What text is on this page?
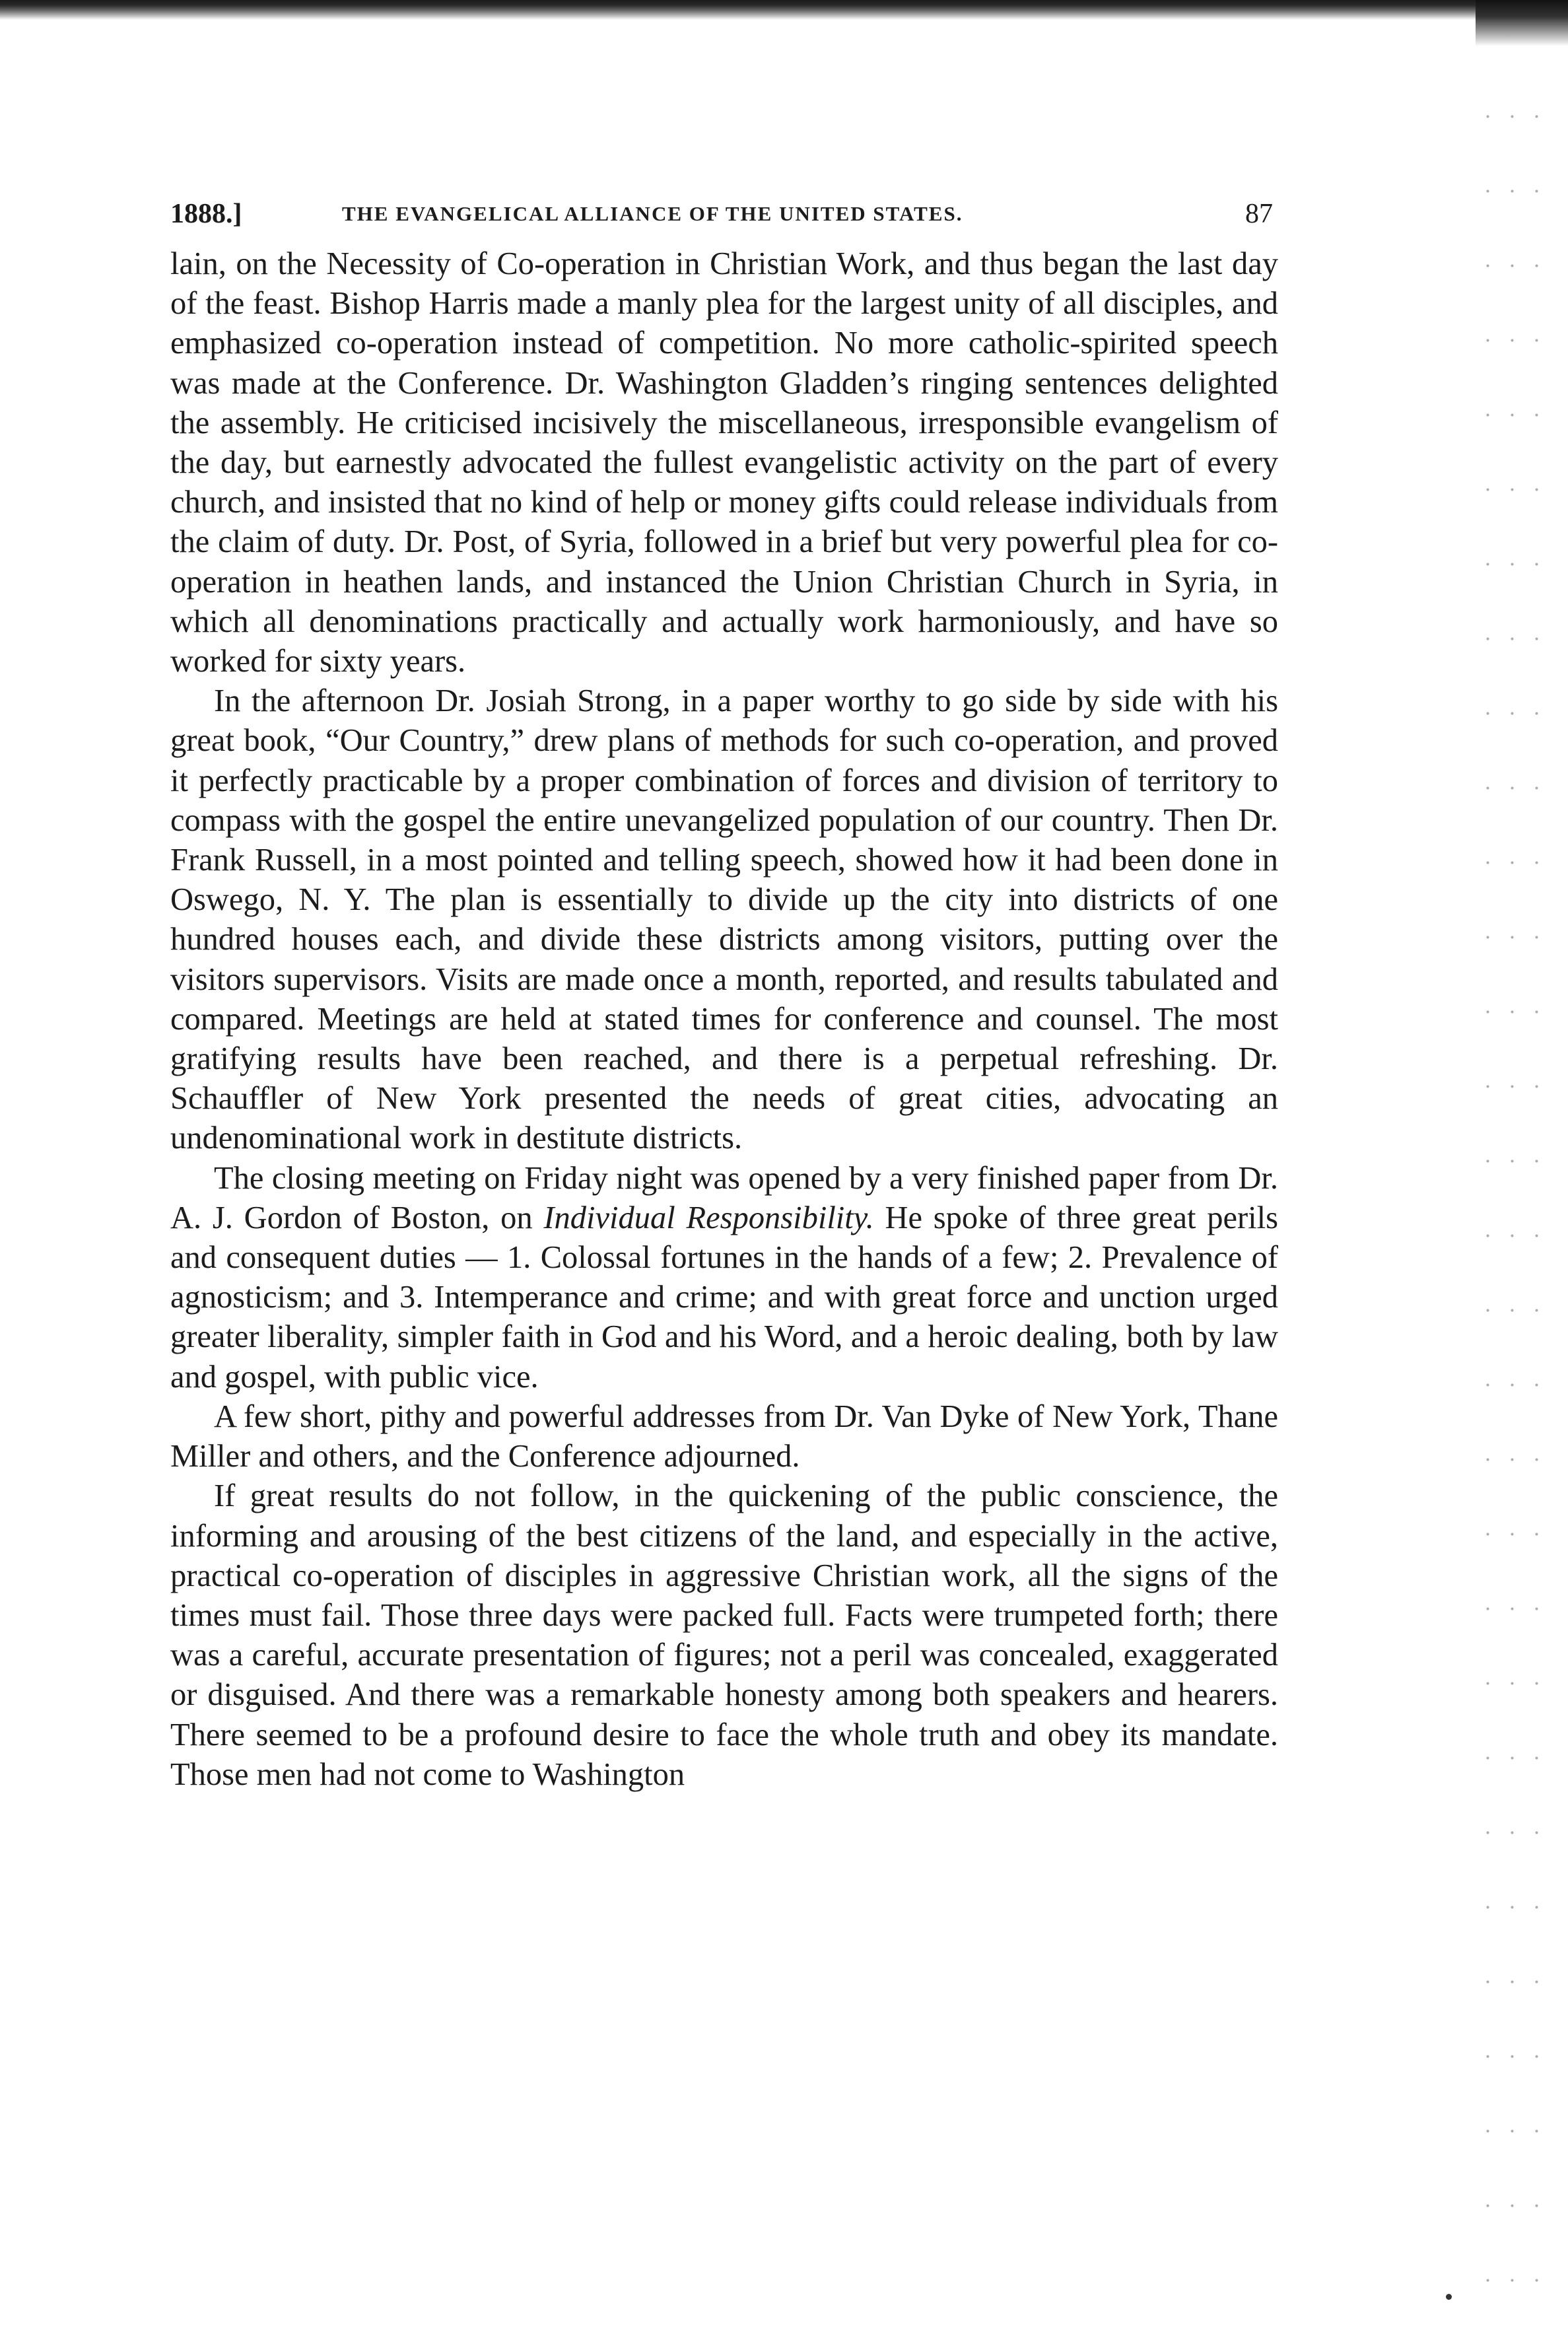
1888.]	THE EVANGELICAL ALLIANCE OF THE UNITED STATES.	87

lain, on the Necessity of Co-operation in Christian Work, and thus began the last day of the feast. Bishop Harris made a manly plea for the largest unity of all disciples, and emphasized co-operation instead of competition. No more catholic-spirited speech was made at the Conference. Dr. Washington Gladden’s ringing sentences delighted the assembly. He criticised incisively the miscellaneous, irresponsible evangelism of the day, but earnestly advocated the fullest evangelistic activity on the part of every church, and insisted that no kind of help or money gifts could release individuals from the claim of duty. Dr. Post, of Syria, followed in a brief but very powerful plea for co-operation in heathen lands, and instanced the Union Christian Church in Syria, in which all denominations practically and actually work harmoniously, and have so worked for sixty years.

In the afternoon Dr. Josiah Strong, in a paper worthy to go side by side with his great book, “Our Country,” drew plans of methods for such co-operation, and proved it perfectly practicable by a proper combination of forces and division of territory to compass with the gospel the entire unevangelized population of our country. Then Dr. Frank Russell, in a most pointed and telling speech, showed how it had been done in Oswego, N. Y. The plan is essentially to divide up the city into districts of one hundred houses each, and divide these districts among visitors, putting over the visitors supervisors. Visits are made once a month, reported, and results tabulated and compared. Meetings are held at stated times for conference and counsel. The most gratifying results have been reached, and there is a perpetual refreshing. Dr. Schauffler of New York presented the needs of great cities, advocating an undenominational work in destitute districts.

The closing meeting on Friday night was opened by a very finished paper from Dr. A. J. Gordon of Boston, on Individual Responsibility. He spoke of three great perils and consequent duties — 1. Colossal fortunes in the hands of a few; 2. Prevalence of agnosticism; and 3. Intemperance and crime; and with great force and unction urged greater liberality, simpler faith in God and his Word, and a heroic dealing, both by law and gospel, with public vice.

A few short, pithy and powerful addresses from Dr. Van Dyke of New York, Thane Miller and others, and the Conference adjourned.

If great results do not follow, in the quickening of the public conscience, the informing and arousing of the best citizens of the land, and especially in the active, practical co-operation of disciples in aggressive Christian work, all the signs of the times must fail. Those three days were packed full. Facts were trumpeted forth; there was a careful, accurate presentation of figures; not a peril was concealed, exaggerated or disguised. And there was a remarkable honesty among both speakers and hearers. There seemed to be a profound desire to face the whole truth and obey its mandate. Those men had not come to Washington
